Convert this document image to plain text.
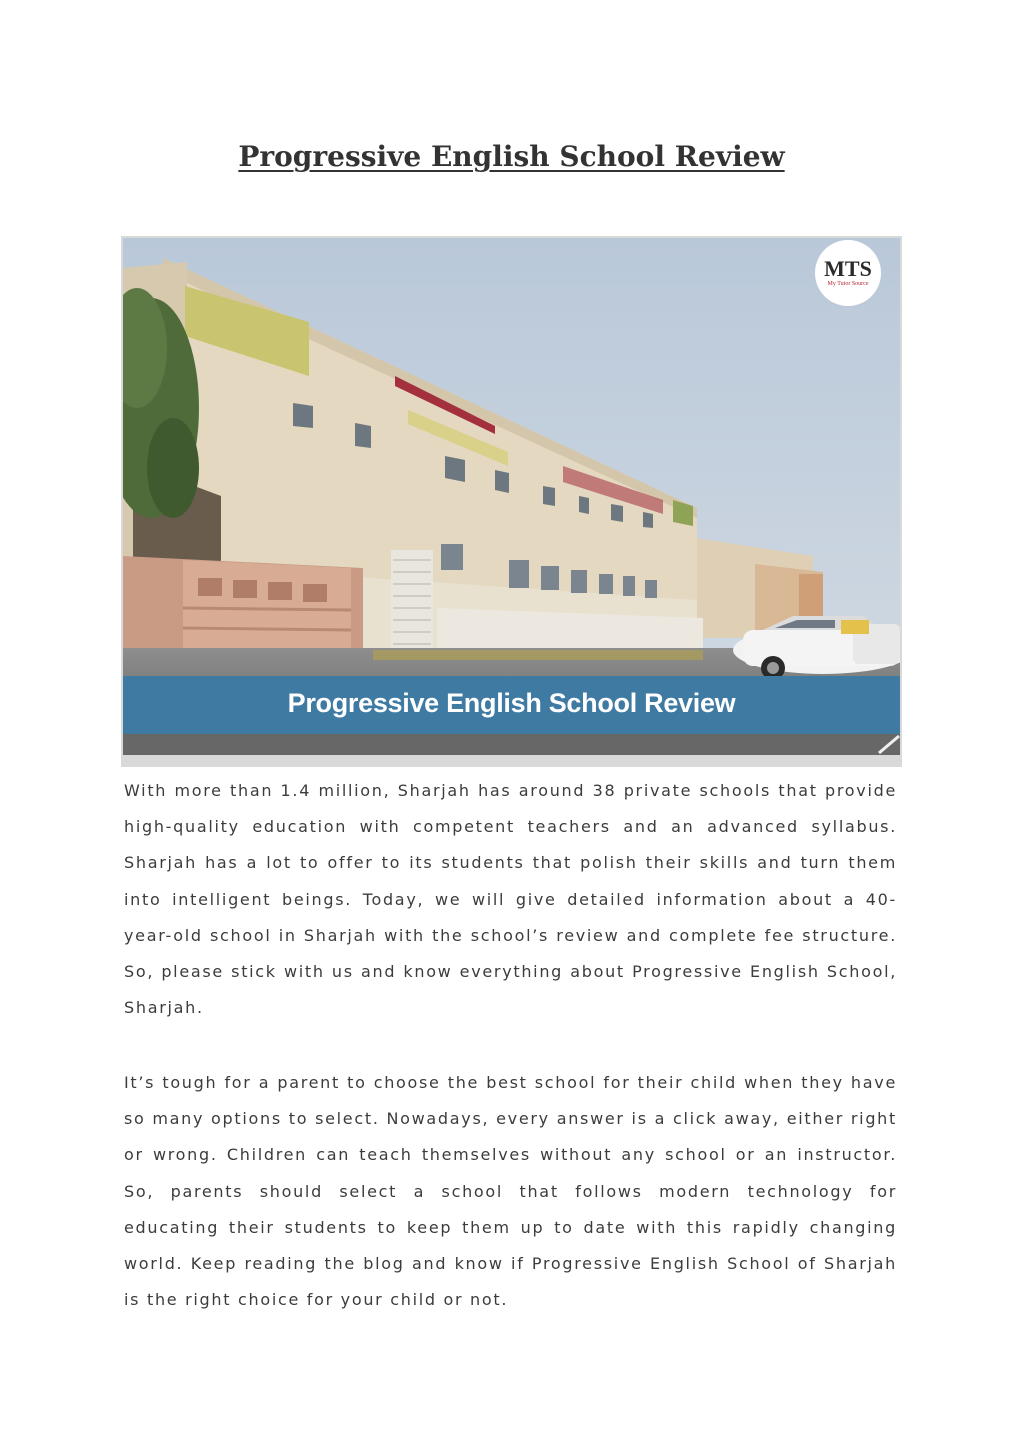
Progressive English School Review
Progressive English School Review
MTS
My Tutor Source

With more than 1.4 million, Sharjah has around 38 private schools that provide high-quality education with competent teachers and an advanced syllabus. Sharjah has a lot to offer to its students that polish their skills and turn them into intelligent beings. Today, we will give detailed information about a 40-year-old school in Sharjah with the school’s review and complete fee structure. So, please stick with us and know everything about Progressive English School, Sharjah.

It’s tough for a parent to choose the best school for their child when they have so many options to select. Nowadays, every answer is a click away, either right or wrong. Children can teach themselves without any school or an instructor. So, parents should select a school that follows modern technology for educating their students to keep them up to date with this rapidly changing world. Keep reading the blog and know if Progressive English School of Sharjah is the right choice for your child or not.
